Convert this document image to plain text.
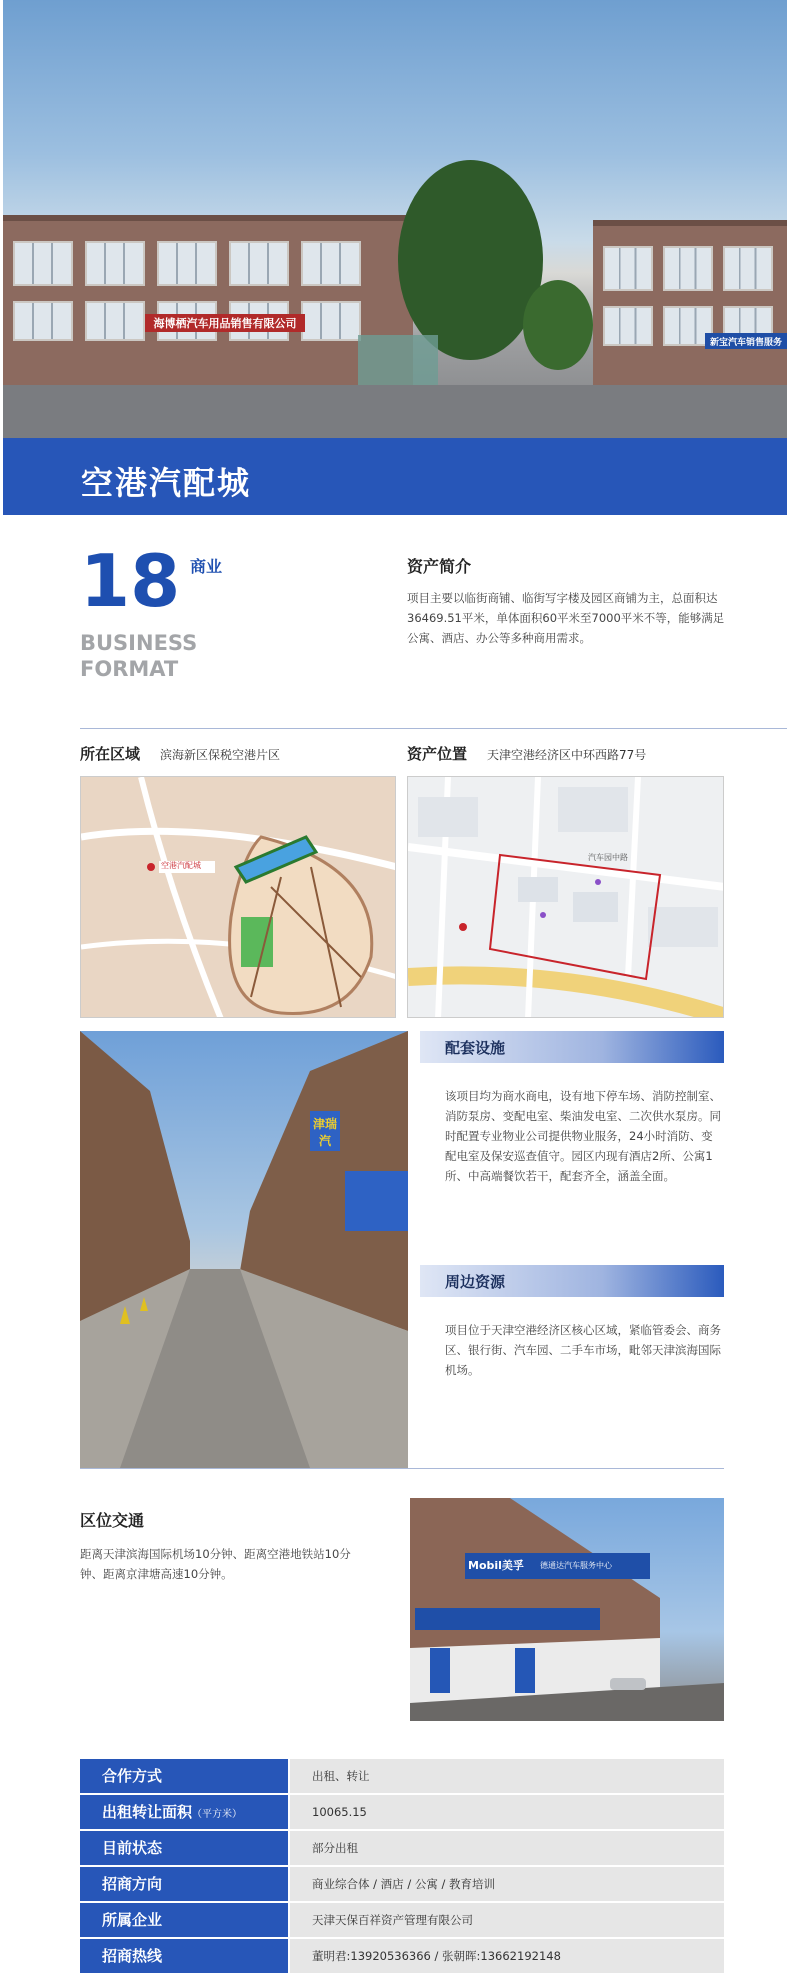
海博栖汽车用品销售有限公司
新宝汽车销售服务
空港汽配城
18 商业
BUSINESS
FORMAT
资产简介
项目主要以临街商铺、临街写字楼及园区商铺为主，总面积达36469.51平米，单体面积60平米至7000平米不等，能够满足公寓、酒店、办公等多种商用需求。
所在区域 滨海新区保税空港片区	资产位置 天津空港经济区中环西路77号
空港汽配城
汽车园中路
津瑞汽
配套设施
该项目均为商水商电，设有地下停车场、消防控制室、消防泵房、变配电室、柴油发电室、二次供水泵房。同时配置专业物业公司提供物业服务，24小时消防、变配电室及保安巡查值守。园区内现有酒店2所、公寓1所、中高端餐饮若干，配套齐全，涵盖全面。
周边资源
项目位于天津空港经济区核心区域，紧临管委会、商务区、银行街、汽车园、二手车市场，毗邻天津滨海国际机场。
区位交通
距离天津滨海国际机场10分钟、距离空港地铁站10分钟、距离京津塘高速10分钟。
Mobil美孚 德通达汽车服务中心
合作方式	出租、转让
出租转让面积（平方米）	10065.15
目前状态	部分出租
招商方向	商业综合体 / 酒店 / 公寓 / 教育培训
所属企业	天津天保百祥资产管理有限公司
招商热线	董明君:13920536366 / 张朝晖:13662192148
